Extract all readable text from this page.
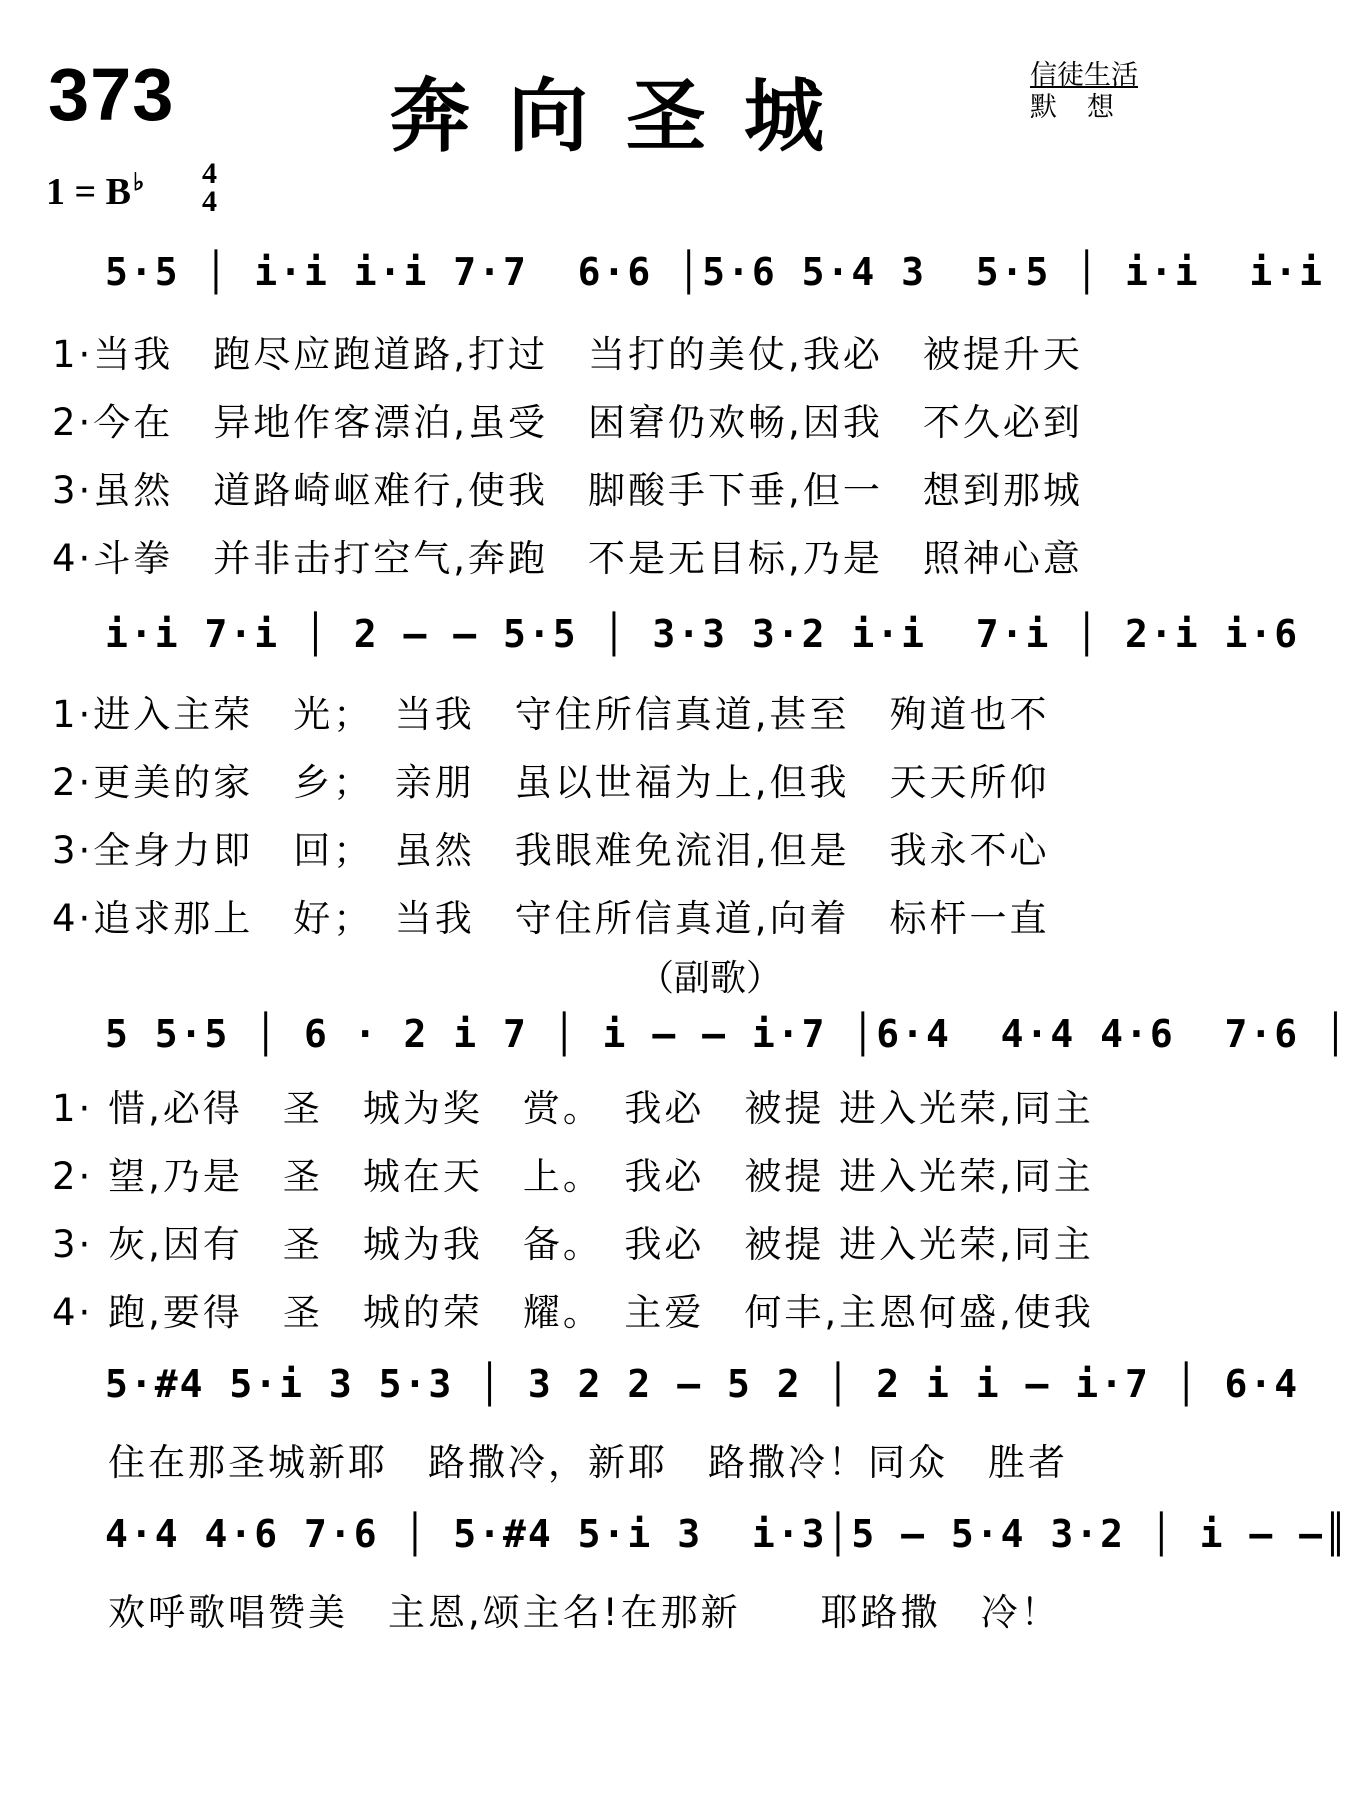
373	奔向圣城	信徒生活
默想
1 = B♭ 4
4
5·5 │ i·i i·i 7·7  6·6 │5·6 5·4 3  5·5 │ i·i  i·i
1·当我　跑尽应跑道路,打过　当打的美仗,我必　被提升天
2·今在　异地作客漂泊,虽受　困窘仍欢畅,因我　不久必到
3·虽然　道路崎岖难行,使我　脚酸手下垂,但一　想到那城
4·斗拳　并非击打空气,奔跑　不是无目标,乃是　照神心意
i·i 7·i │ 2 – – 5·5 │ 3·3 3·2 i·i  7·i │ 2·i i·6
1·进入主荣　光；　当我　守住所信真道,甚至　殉道也不
2·更美的家　乡；　亲朋　虽以世福为上,但我　天天所仰
3·全身力即　回；　虽然　我眼难免流泪,但是　我永不心
4·追求那上　好；　当我　守住所信真道,向着　标杆一直
（副歌）
5 5·5 │ 6 · 2 i 7 │ i – – i·7 │6·4  4·4 4·6  7·6 │
1· 惜,必得　圣　城为奖　赏。　我必　被提 进入光荣,同主
2· 望,乃是　圣　城在天　上。　我必　被提 进入光荣,同主
3· 灰,因有　圣　城为我　备。　我必　被提 进入光荣,同主
4· 跑,要得　圣　城的荣　耀。　主爱　何丰,主恩何盛,使我
5·#4 5·i 3 5·3 │ 3 2 2 – 5 2 │ 2 i i – i·7 │ 6·4
住在那圣城新耶　路撒冷，新耶　路撒冷！同众　胜者
4·4 4·6 7·6 │ 5·#4 5·i 3  i·3│5 – 5·4 3·2 │ i – –║
欢呼歌唱赞美　主恩,颂主名!在那新　　耶路撒　冷！
